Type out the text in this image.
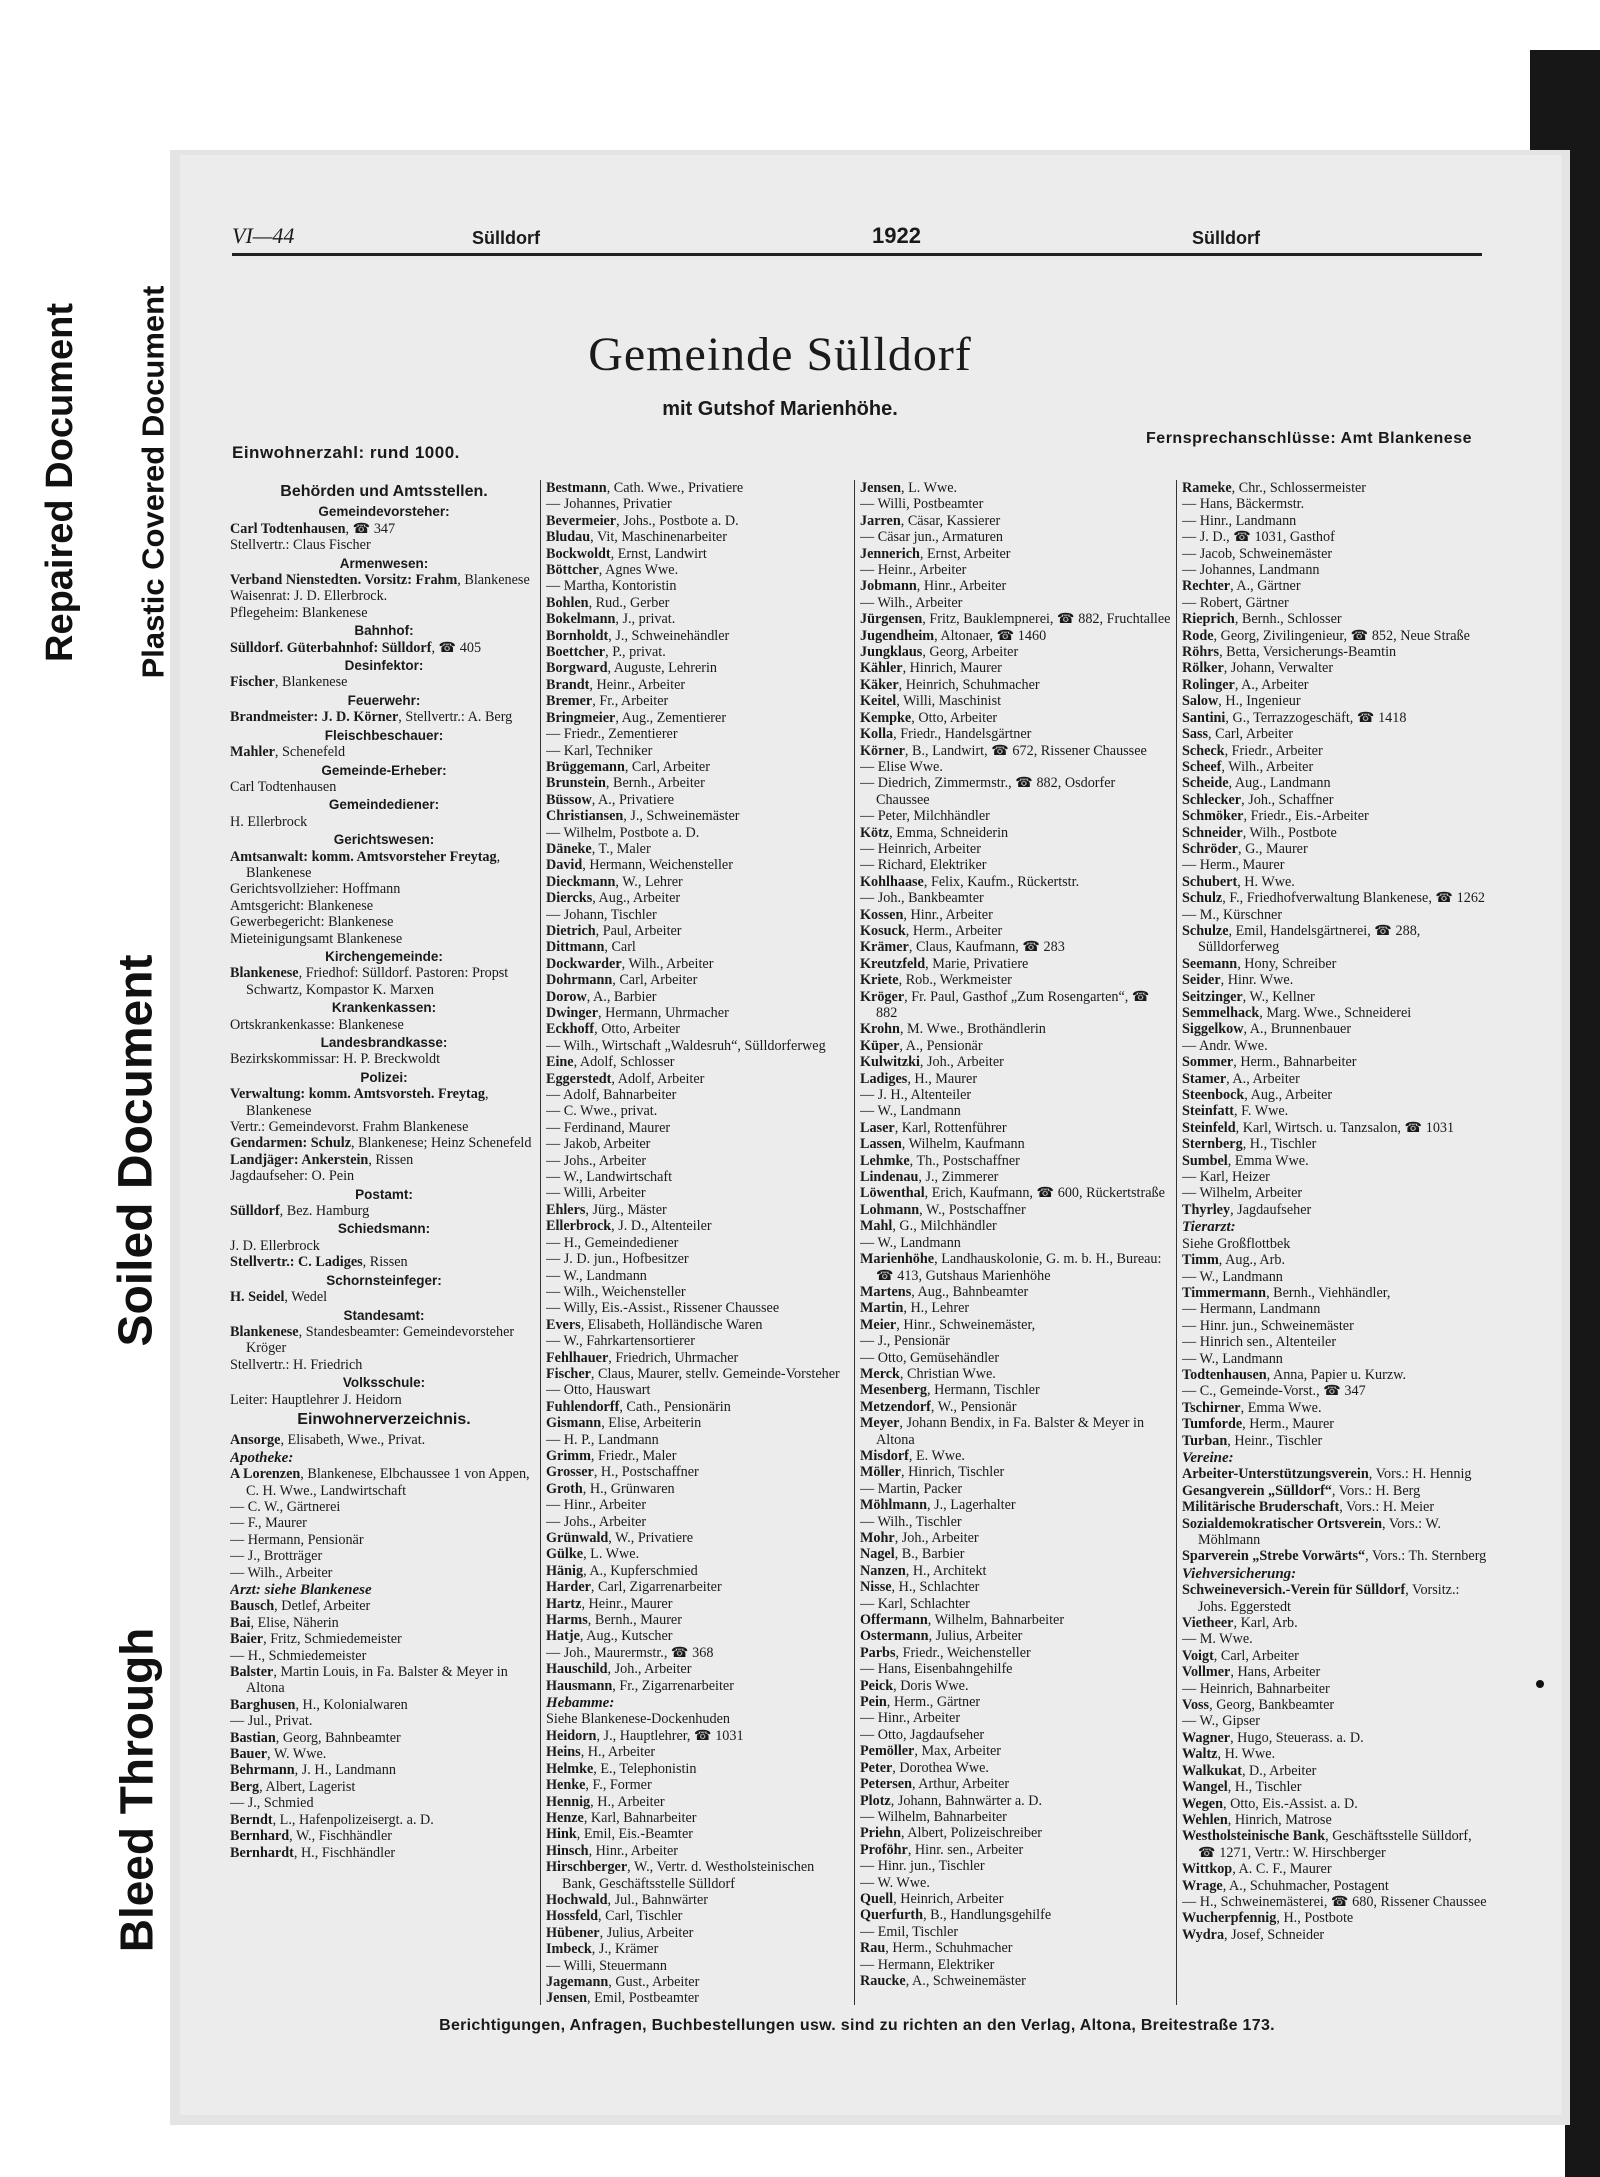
Repaired Document Plastic Covered Document
Soiled Document
Bleed Through
VI—44	Sülldorf	1922	Sülldorf
Gemeinde Sülldorf
mit Gutshof Marienhöhe.
Einwohnerzahl: rund 1000.
Fernsprechanschlüsse: Amt Blankenese

Behörden und Amtsstellen.

Gemeindevorsteher:

Carl Todtenhausen, ☎ 347

Stellvertr.: Claus Fischer

Armenwesen:

Verband Nienstedten. Vorsitz: Frahm, Blankenese

Waisenrat: J. D. Ellerbrock.

Pflegeheim: Blankenese

Bahnhof:

Sülldorf. Güterbahnhof: Sülldorf, ☎ 405

Desinfektor:

Fischer, Blankenese

Feuerwehr:

Brandmeister: J. D. Körner, Stellvertr.: A. Berg

Fleischbeschauer:

Mahler, Schenefeld

Gemeinde-Erheber:

Carl Todtenhausen

Gemeindediener:

H. Ellerbrock

Gerichtswesen:

Amtsanwalt: komm. Amtsvorsteher Freytag, Blankenese

Gerichtsvollzieher: Hoffmann

Amtsgericht: Blankenese

Gewerbegericht: Blankenese

Mieteinigungsamt Blankenese

Kirchengemeinde:

Blankenese, Friedhof: Sülldorf. Pastoren: Propst Schwartz, Kompastor K. Marxen

Krankenkassen:

Ortskrankenkasse: Blankenese

Landesbrandkasse:

Bezirkskommissar: H. P. Breckwoldt

Polizei:

Verwaltung: komm. Amtsvorsteh. Freytag, Blankenese

Vertr.: Gemeindevorst. Frahm Blankenese

Gendarmen: Schulz, Blankenese; Heinz Schenefeld

Landjäger: Ankerstein, Rissen

Jagdaufseher: O. Pein

Postamt:

Sülldorf, Bez. Hamburg

Schiedsmann:

J. D. Ellerbrock

Stellvertr.: C. Ladiges, Rissen

Schornsteinfeger:

H. Seidel, Wedel

Standesamt:

Blankenese, Standesbeamter: Gemeindevorsteher Kröger

Stellvertr.: H. Friedrich

Volksschule:

Leiter: Hauptlehrer J. Heidorn

Einwohnerverzeichnis.

Ansorge, Elisabeth, Wwe., Privat.

Apotheke:

A Lorenzen, Blankenese, Elbchaussee 1 von Appen, C. H. Wwe., Landwirtschaft

— C. W., Gärtnerei

— F., Maurer

— Hermann, Pensionär

— J., Brotträger

— Wilh., Arbeiter

Arzt: siehe Blankenese

Bausch, Detlef, Arbeiter

Bai, Elise, Näherin

Baier, Fritz, Schmiedemeister

— H., Schmiedemeister

Balster, Martin Louis, in Fa. Balster & Meyer in Altona

Barghusen, H., Kolonialwaren

— Jul., Privat.

Bastian, Georg, Bahnbeamter

Bauer, W. Wwe.

Behrmann, J. H., Landmann

Berg, Albert, Lagerist

— J., Schmied

Berndt, L., Hafenpolizeisergt. a. D.

Bernhard, W., Fischhändler

Bernhardt, H., Fischhändler

Bestmann, Cath. Wwe., Privatiere

— Johannes, Privatier

Bevermeier, Johs., Postbote a. D.

Bludau, Vit, Maschinenarbeiter

Bockwoldt, Ernst, Landwirt

Böttcher, Agnes Wwe.

— Martha, Kontoristin

Bohlen, Rud., Gerber

Bokelmann, J., privat.

Bornholdt, J., Schweinehändler

Boettcher, P., privat.

Borgward, Auguste, Lehrerin

Brandt, Heinr., Arbeiter

Bremer, Fr., Arbeiter

Bringmeier, Aug., Zementierer

— Friedr., Zementierer

— Karl, Techniker

Brüggemann, Carl, Arbeiter

Brunstein, Bernh., Arbeiter

Büssow, A., Privatiere

Christiansen, J., Schweinemäster

— Wilhelm, Postbote a. D.

Däneke, T., Maler

David, Hermann, Weichensteller

Dieckmann, W., Lehrer

Diercks, Aug., Arbeiter

— Johann, Tischler

Dietrich, Paul, Arbeiter

Dittmann, Carl

Dockwarder, Wilh., Arbeiter

Dohrmann, Carl, Arbeiter

Dorow, A., Barbier

Dwinger, Hermann, Uhrmacher

Eckhoff, Otto, Arbeiter

— Wilh., Wirtschaft „Waldesruh“, Sülldorferweg

Eine, Adolf, Schlosser

Eggerstedt, Adolf, Arbeiter

— Adolf, Bahnarbeiter

— C. Wwe., privat.

— Ferdinand, Maurer

— Jakob, Arbeiter

— Johs., Arbeiter

— W., Landwirtschaft

— Willi, Arbeiter

Ehlers, Jürg., Mäster

Ellerbrock, J. D., Altenteiler

— H., Gemeindediener

— J. D. jun., Hofbesitzer

— W., Landmann

— Wilh., Weichensteller

— Willy, Eis.-Assist., Rissener Chaussee

Evers, Elisabeth, Holländische Waren

— W., Fahrkartensortierer

Fehlhauer, Friedrich, Uhrmacher

Fischer, Claus, Maurer, stellv. Gemeinde-Vorsteher

— Otto, Hauswart

Fuhlendorff, Cath., Pensionärin

Gismann, Elise, Arbeiterin

— H. P., Landmann

Grimm, Friedr., Maler

Grosser, H., Postschaffner

Groth, H., Grünwaren

— Hinr., Arbeiter

— Johs., Arbeiter

Grünwald, W., Privatiere

Gülke, L. Wwe.

Hänig, A., Kupferschmied

Harder, Carl, Zigarrenarbeiter

Hartz, Heinr., Maurer

Harms, Bernh., Maurer

Hatje, Aug., Kutscher

— Joh., Maurermstr., ☎ 368

Hauschild, Joh., Arbeiter

Hausmann, Fr., Zigarrenarbeiter

Hebamme:

Siehe Blankenese-Dockenhuden

Heidorn, J., Hauptlehrer, ☎ 1031

Heins, H., Arbeiter

Helmke, E., Telephonistin

Henke, F., Former

Hennig, H., Arbeiter

Henze, Karl, Bahnarbeiter

Hink, Emil, Eis.-Beamter

Hinsch, Hinr., Arbeiter

Hirschberger, W., Vertr. d. Westholsteinischen Bank, Geschäftsstelle Sülldorf

Hochwald, Jul., Bahnwärter

Hossfeld, Carl, Tischler

Hübener, Julius, Arbeiter

Imbeck, J., Krämer

— Willi, Steuermann

Jagemann, Gust., Arbeiter

Jensen, Emil, Postbeamter

Jensen, L. Wwe.

— Willi, Postbeamter

Jarren, Cäsar, Kassierer

— Cäsar jun., Armaturen

Jennerich, Ernst, Arbeiter

— Heinr., Arbeiter

Jobmann, Hinr., Arbeiter

— Wilh., Arbeiter

Jürgensen, Fritz, Bauklempnerei, ☎ 882, Fruchtallee

Jugendheim, Altonaer, ☎ 1460

Jungklaus, Georg, Arbeiter

Kähler, Hinrich, Maurer

Käker, Heinrich, Schuhmacher

Keitel, Willi, Maschinist

Kempke, Otto, Arbeiter

Kolla, Friedr., Handelsgärtner

Körner, B., Landwirt, ☎ 672, Rissener Chaussee

— Elise Wwe.

— Diedrich, Zimmermstr., ☎ 882, Osdorfer Chaussee

— Peter, Milchhändler

Kötz, Emma, Schneiderin

— Heinrich, Arbeiter

— Richard, Elektriker

Kohlhaase, Felix, Kaufm., Rückertstr.

— Joh., Bankbeamter

Kossen, Hinr., Arbeiter

Kosuck, Herm., Arbeiter

Krämer, Claus, Kaufmann, ☎ 283

Kreutzfeld, Marie, Privatiere

Kriete, Rob., Werkmeister

Kröger, Fr. Paul, Gasthof „Zum Rosengarten“, ☎ 882

Krohn, M. Wwe., Brothändlerin

Küper, A., Pensionär

Kulwitzki, Joh., Arbeiter

Ladiges, H., Maurer

— J. H., Altenteiler

— W., Landmann

Laser, Karl, Rottenführer

Lassen, Wilhelm, Kaufmann

Lehmke, Th., Postschaffner

Lindenau, J., Zimmerer

Löwenthal, Erich, Kaufmann, ☎ 600, Rückertstraße

Lohmann, W., Postschaffner

Mahl, G., Milchhändler

— W., Landmann

Marienhöhe, Landhauskolonie, G. m. b. H., Bureau: ☎ 413, Gutshaus Marienhöhe

Martens, Aug., Bahnbeamter

Martin, H., Lehrer

Meier, Hinr., Schweinemäster,

— J., Pensionär

— Otto, Gemüsehändler

Merck, Christian Wwe.

Mesenberg, Hermann, Tischler

Metzendorf, W., Pensionär

Meyer, Johann Bendix, in Fa. Balster & Meyer in Altona

Misdorf, E. Wwe.

Möller, Hinrich, Tischler

— Martin, Packer

Möhlmann, J., Lagerhalter

— Wilh., Tischler

Mohr, Joh., Arbeiter

Nagel, B., Barbier

Nanzen, H., Architekt

Nisse, H., Schlachter

— Karl, Schlachter

Offermann, Wilhelm, Bahnarbeiter

Ostermann, Julius, Arbeiter

Parbs, Friedr., Weichensteller

— Hans, Eisenbahngehilfe

Peick, Doris Wwe.

Pein, Herm., Gärtner

— Hinr., Arbeiter

— Otto, Jagdaufseher

Pemöller, Max, Arbeiter

Peter, Dorothea Wwe.

Petersen, Arthur, Arbeiter

Plotz, Johann, Bahnwärter a. D.

— Wilhelm, Bahnarbeiter

Priehn, Albert, Polizeischreiber

Proföhr, Hinr. sen., Arbeiter

— Hinr. jun., Tischler

— W. Wwe.

Quell, Heinrich, Arbeiter

Querfurth, B., Handlungsgehilfe

— Emil, Tischler

Rau, Herm., Schuhmacher

— Hermann, Elektriker

Raucke, A., Schweinemäster

Rameke, Chr., Schlossermeister

— Hans, Bäckermstr.

— Hinr., Landmann

— J. D., ☎ 1031, Gasthof

— Jacob, Schweinemäster

— Johannes, Landmann

Rechter, A., Gärtner

— Robert, Gärtner

Rieprich, Bernh., Schlosser

Rode, Georg, Zivilingenieur, ☎ 852, Neue Straße

Röhrs, Betta, Versicherungs-Beamtin

Rölker, Johann, Verwalter

Rolinger, A., Arbeiter

Salow, H., Ingenieur

Santini, G., Terrazzogeschäft, ☎ 1418

Sass, Carl, Arbeiter

Scheck, Friedr., Arbeiter

Scheef, Wilh., Arbeiter

Scheide, Aug., Landmann

Schlecker, Joh., Schaffner

Schmöker, Friedr., Eis.-Arbeiter

Schneider, Wilh., Postbote

Schröder, G., Maurer

— Herm., Maurer

Schubert, H. Wwe.

Schulz, F., Friedhofverwaltung Blankenese, ☎ 1262

— M., Kürschner

Schulze, Emil, Handelsgärtnerei, ☎ 288, Sülldorferweg

Seemann, Hony, Schreiber

Seider, Hinr. Wwe.

Seitzinger, W., Kellner

Semmelhack, Marg. Wwe., Schneiderei

Siggelkow, A., Brunnenbauer

— Andr. Wwe.

Sommer, Herm., Bahnarbeiter

Stamer, A., Arbeiter

Steenbock, Aug., Arbeiter

Steinfatt, F. Wwe.

Steinfeld, Karl, Wirtsch. u. Tanzsalon, ☎ 1031

Sternberg, H., Tischler

Sumbel, Emma Wwe.

— Karl, Heizer

— Wilhelm, Arbeiter

Thyrley, Jagdaufseher

Tierarzt:

Siehe Großflottbek

Timm, Aug., Arb.

— W., Landmann

Timmermann, Bernh., Viehhändler,

— Hermann, Landmann

— Hinr. jun., Schweinemäster

— Hinrich sen., Altenteiler

— W., Landmann

Todtenhausen, Anna, Papier u. Kurzw.

— C., Gemeinde-Vorst., ☎ 347

Tschirner, Emma Wwe.

Tumforde, Herm., Maurer

Turban, Heinr., Tischler

Vereine:

Arbeiter-Unterstützungsverein, Vors.: H. Hennig

Gesangverein „Sülldorf“, Vors.: H. Berg

Militärische Bruderschaft, Vors.: H. Meier

Sozialdemokratischer Ortsverein, Vors.: W. Möhlmann

Sparverein „Strebe Vorwärts“, Vors.: Th. Sternberg

Viehversicherung:

Schweineversich.-Verein für Sülldorf, Vorsitz.: Johs. Eggerstedt

Vietheer, Karl, Arb.

— M. Wwe.

Voigt, Carl, Arbeiter

Vollmer, Hans, Arbeiter

— Heinrich, Bahnarbeiter

Voss, Georg, Bankbeamter

— W., Gipser

Wagner, Hugo, Steuerass. a. D.

Waltz, H. Wwe.

Walkukat, D., Arbeiter

Wangel, H., Tischler

Wegen, Otto, Eis.-Assist. a. D.

Wehlen, Hinrich, Matrose

Westholsteinische Bank, Geschäftsstelle Sülldorf, ☎ 1271, Vertr.: W. Hirschberger

Wittkop, A. C. F., Maurer

Wrage, A., Schuhmacher, Postagent

— H., Schweinemästerei, ☎ 680, Rissener Chaussee

Wucherpfennig, H., Postbote

Wydra, Josef, Schneider

Berichtigungen, Anfragen, Buchbestellungen usw. sind zu richten an den Verlag, Altona, Breitestraße 173.
